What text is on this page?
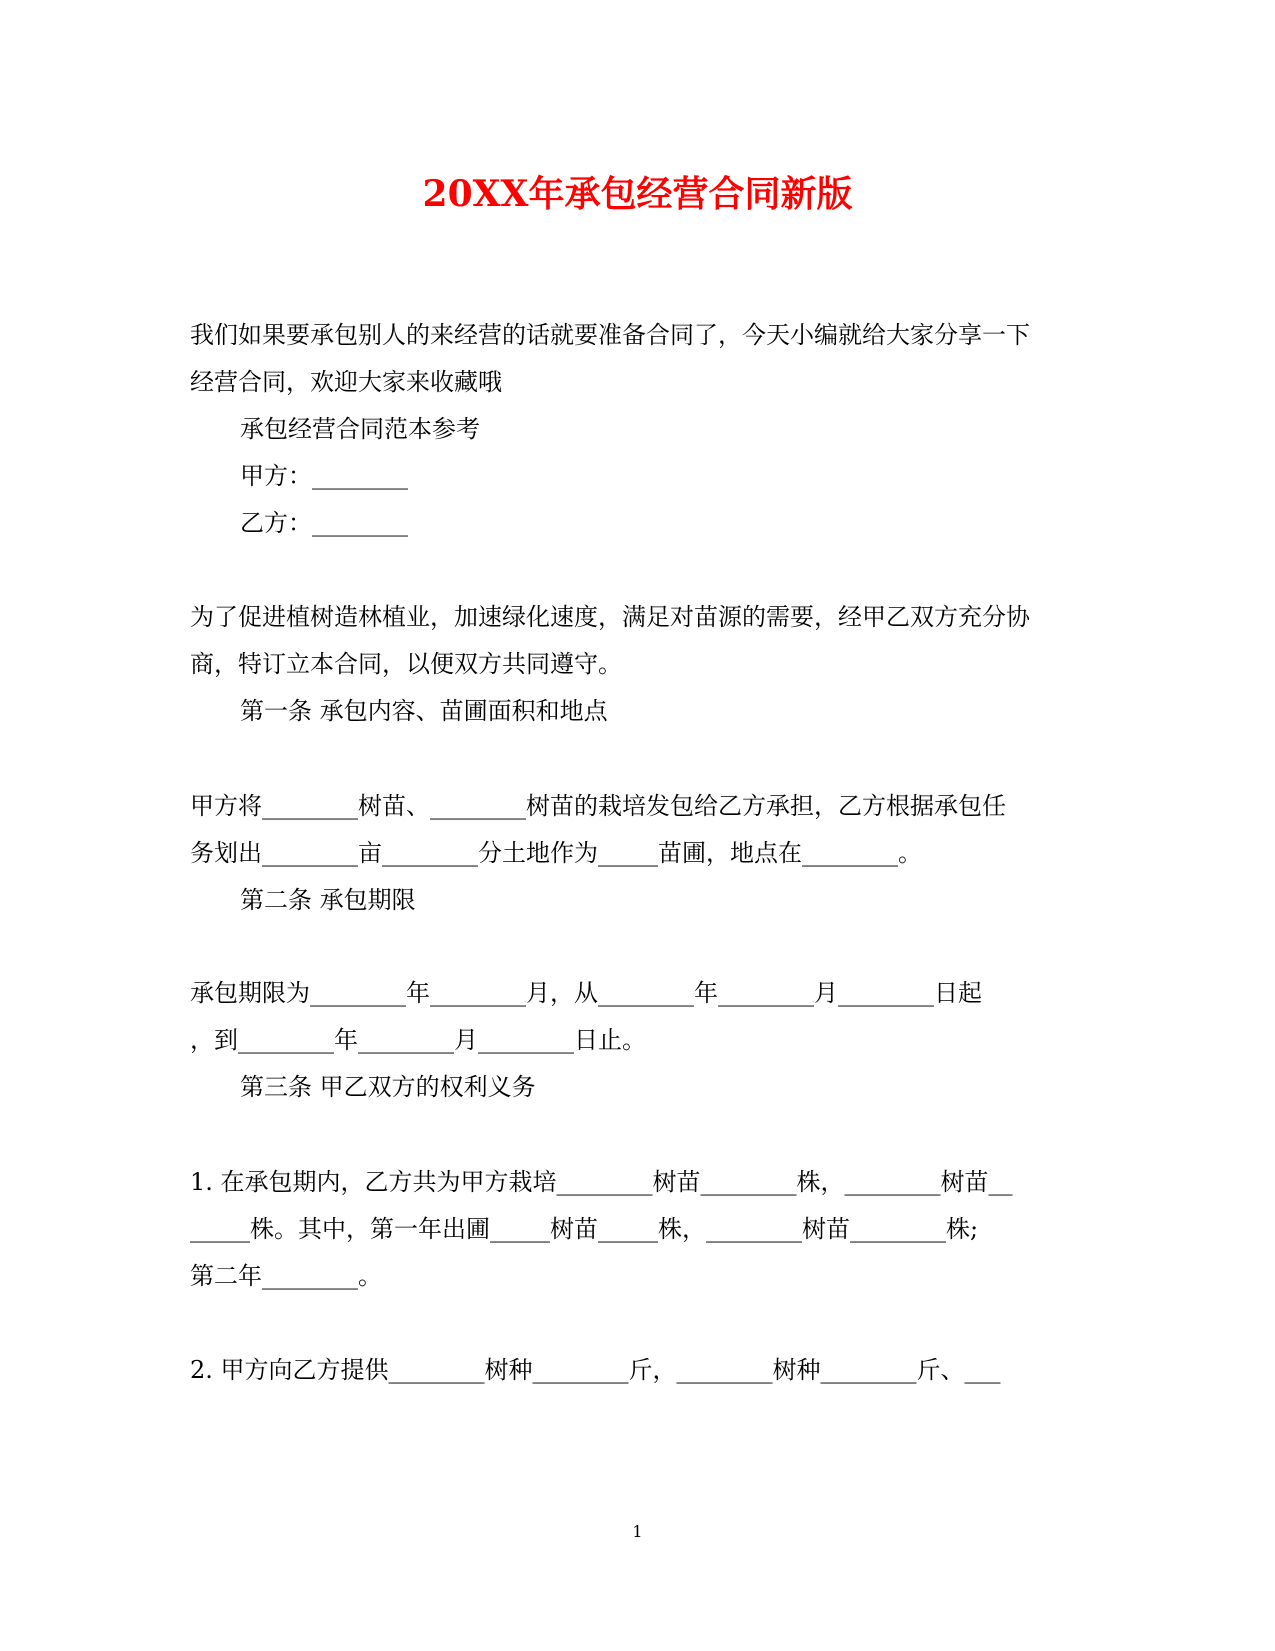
20XX年承包经营合同新版
我们如果要承包别人的来经营的话就要准备合同了，今天小编就给大家分享一下
经营合同，欢迎大家来收藏哦
承包经营合同范本参考
甲方：________
乙方：________
为了促进植树造林植业，加速绿化速度，满足对苗源的需要，经甲乙双方充分协
商，特订立本合同，以便双方共同遵守。
第一条 承包内容、苗圃面积和地点
甲方将________树苗、________树苗的栽培发包给乙方承担，乙方根据承包任
务划出________亩________分土地作为_____苗圃，地点在________。
第二条 承包期限
承包期限为________年________月，从________年________月________日起
，到________年________月________日止。
第三条 甲乙双方的权利义务
1. 在承包期内，乙方共为甲方栽培________树苗________株，________树苗__
_____株。其中，第一年出圃_____树苗_____株，________树苗________株;
第二年________。
2. 甲方向乙方提供________树种________斤，________树种________斤、___
1
